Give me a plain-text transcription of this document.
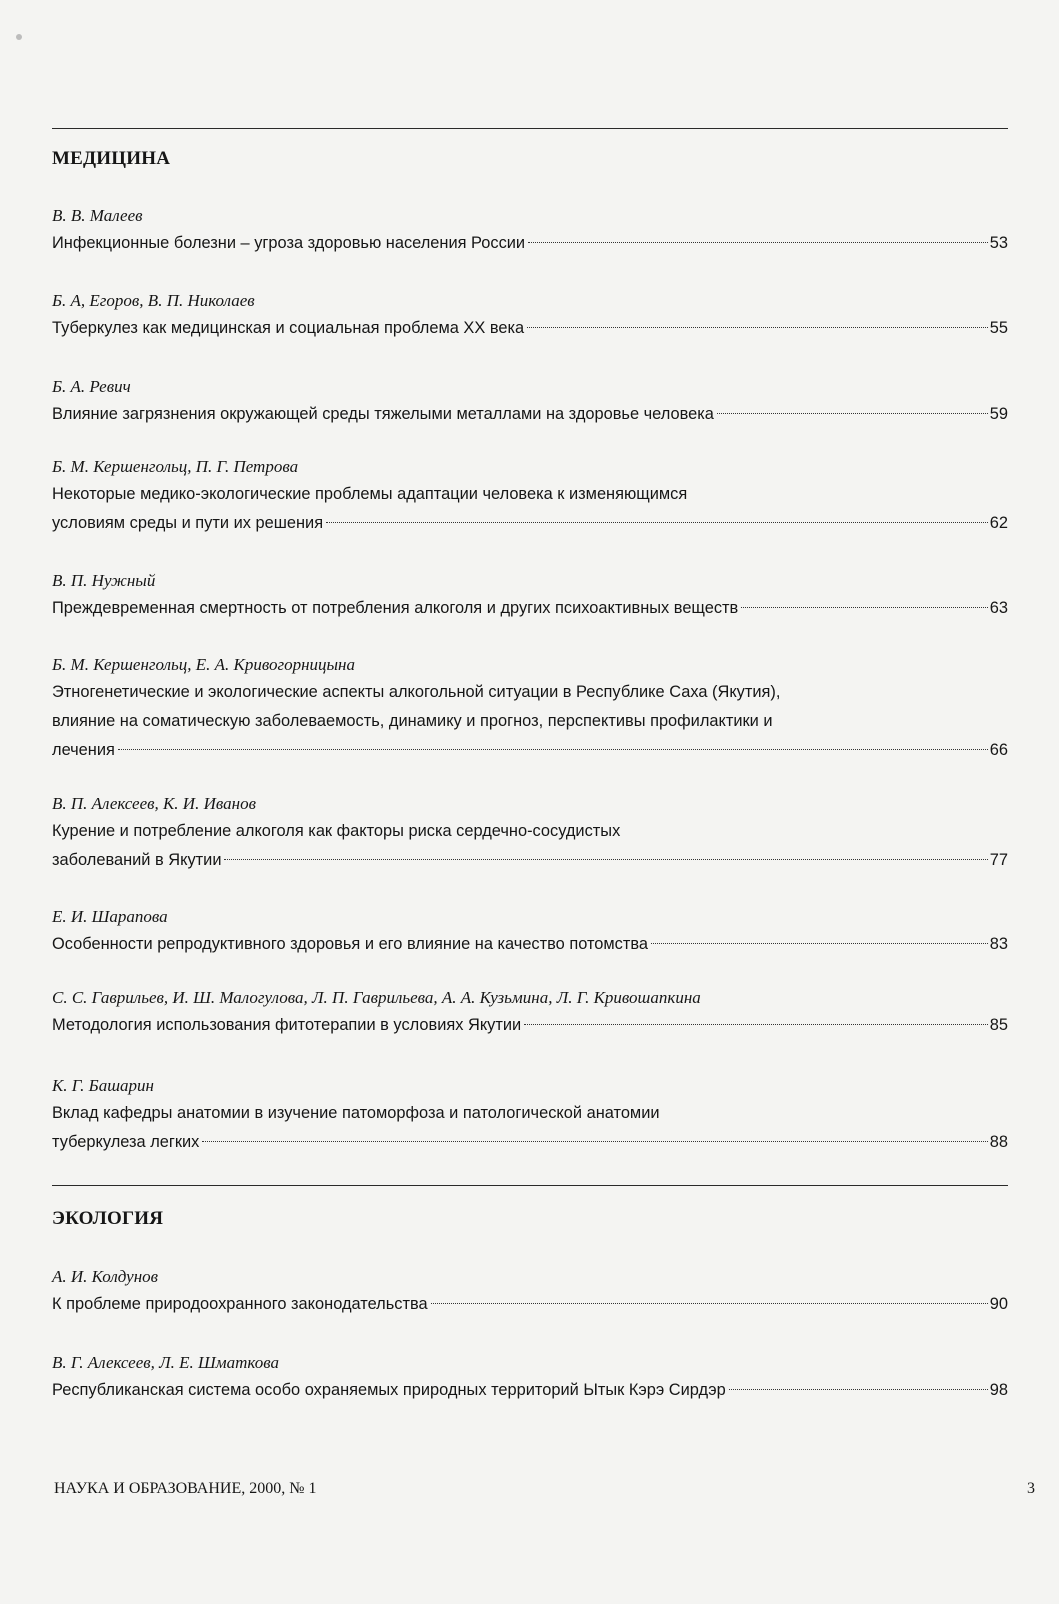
МЕДИЦИНА
В. В. Малеев
Инфекционные болезни – угроза здоровью населения России	53
Б. А, Егоров, В. П. Николаев
Туберкулез как медицинская и социальная проблема XX века	55
Б. А. Ревич
Влияние загрязнения окружающей среды тяжелыми металлами на здоровье человека	59
Б. М. Кершенгольц, П. Г. Петрова
Некоторые медико-экологические проблемы адаптации человека к изменяющимся
условиям среды и пути их решения	62
В. П. Нужный
Преждевременная смертность от потребления алкоголя и других психоактивных веществ	63
Б. М. Кершенгольц, Е. А. Кривогорницына
Этногенетические и экологические аспекты алкогольной ситуации в Республике Саха (Якутия),
влияние на соматическую заболеваемость, динамику и прогноз, перспективы профилактики и
лечения	66
В. П. Алексеев, К. И. Иванов
Курение и потребление алкоголя как факторы риска сердечно-сосудистых
заболеваний в Якутии	77
Е. И. Шарапова
Особенности репродуктивного здоровья и его влияние на качество потомства	83
С. С. Гаврильев, И. Ш. Малогулова, Л. П. Гаврильева, А. А. Кузьмина, Л. Г. Кривошапкина
Методология использования фитотерапии в условиях Якутии	85
К. Г. Башарин
Вклад кафедры анатомии в изучение патоморфоза и патологической анатомии
туберкулеза легких	88
ЭКОЛОГИЯ
А. И. Колдунов
К проблеме природоохранного законодательства	90
В. Г. Алексеев, Л. Е. Шматкова
Республиканская система особо охраняемых природных территорий Ытык Кэрэ Сирдэр	98
НАУКА И ОБРАЗОВАНИЕ, 2000, № 1	3
